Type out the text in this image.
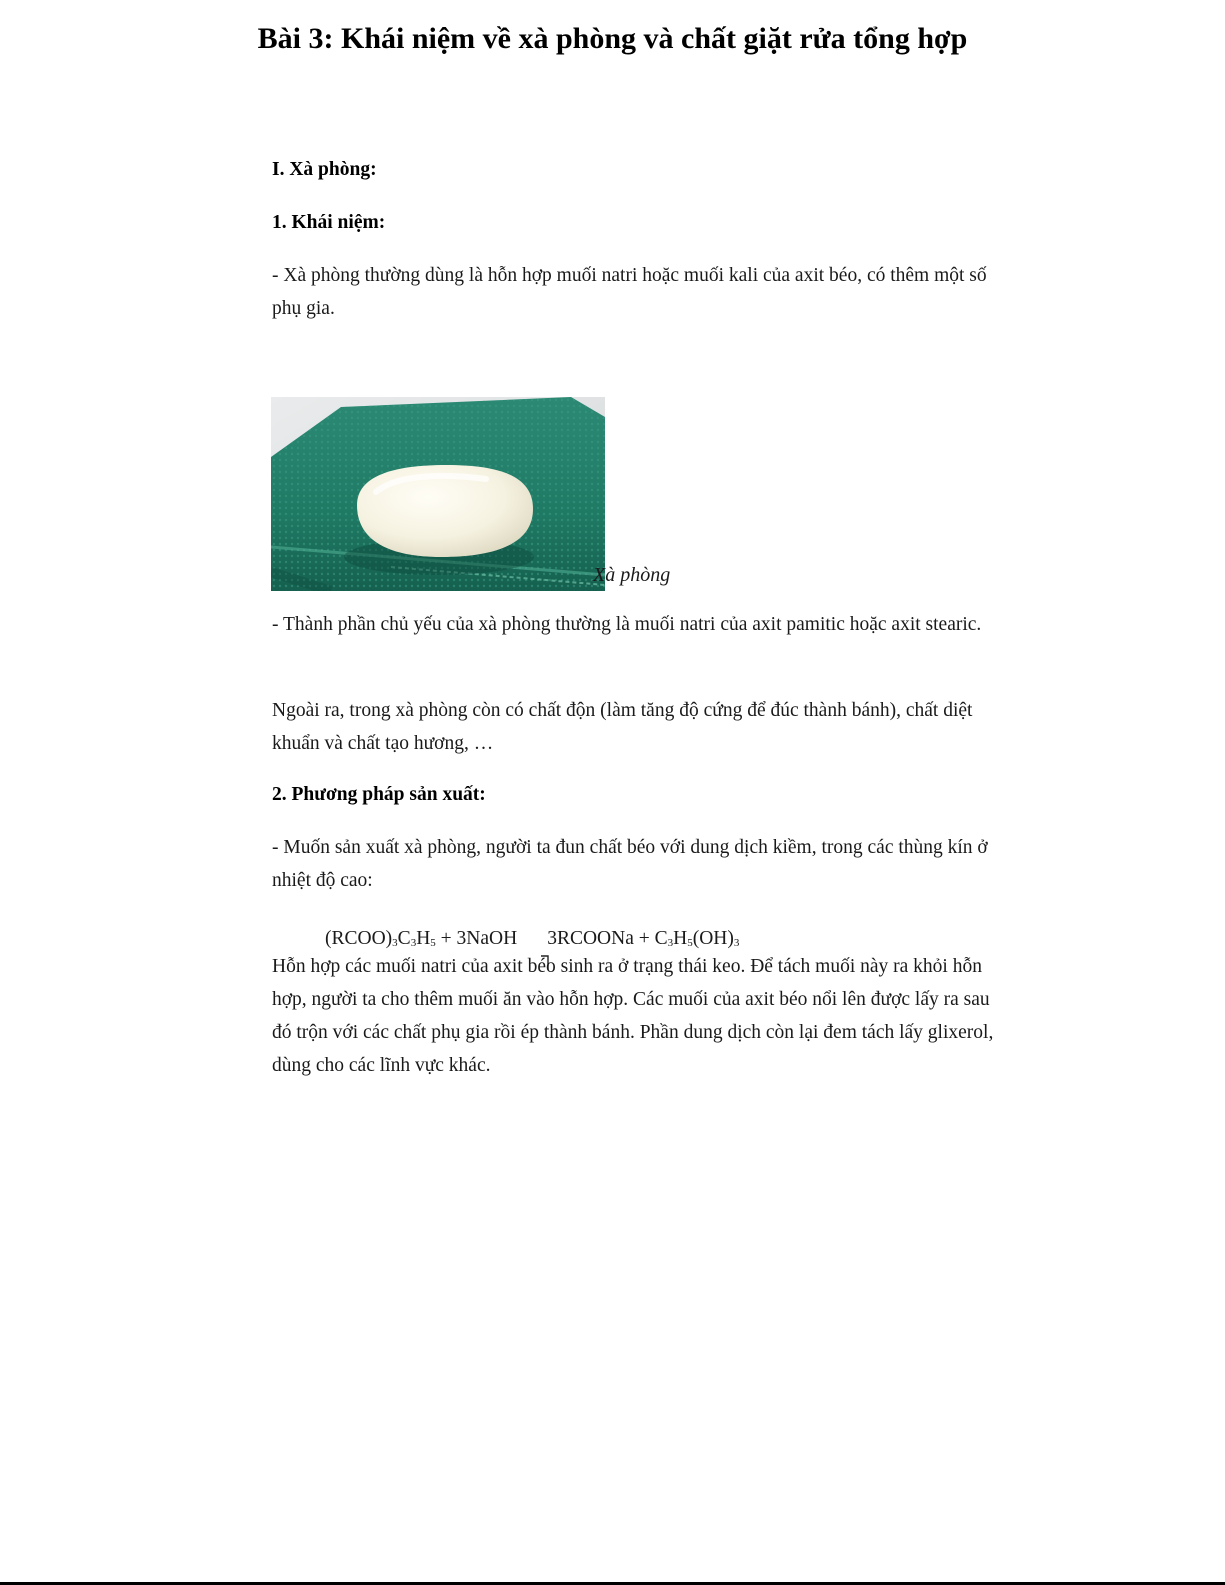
Bài 3: Khái niệm về xà phòng và chất giặt rửa tổng hợp
I. Xà phòng:
1. Khái niệm:

- Xà phòng thường dùng là hỗn hợp muối natri hoặc muối kali của axit béo, có thêm một số phụ gia.

Xà phòng

- Thành phần chủ yếu của xà phòng thường là muối natri của axit pamitic hoặc axit stearic.

Ngoài ra, trong xà phòng còn có chất độn (làm tăng độ cứng để đúc thành bánh), chất diệt khuẩn và chất tạo hương, …

2. Phương pháp sản xuất:

- Muốn sản xuất xà phòng, người ta đun chất béo với dung dịch kiềm, trong các thùng kín ở nhiệt độ cao:

$(RCOO)_3C_3H_5$ + 3NaOH 3RCOONa + $C_3H_5(OH)_3$

Hỗn hợp các muối natri của axit béo sinh ra ở trạng thái keo. Để tách muối này ra khỏi hỗn hợp, người ta cho thêm muối ăn vào hỗn hợp. Các muối của axit béo nổi lên được lấy ra sau đó trộn với các chất phụ gia rồi ép thành bánh. Phần dung dịch còn lại đem tách lấy glixerol, dùng cho các lĩnh vực khác.
